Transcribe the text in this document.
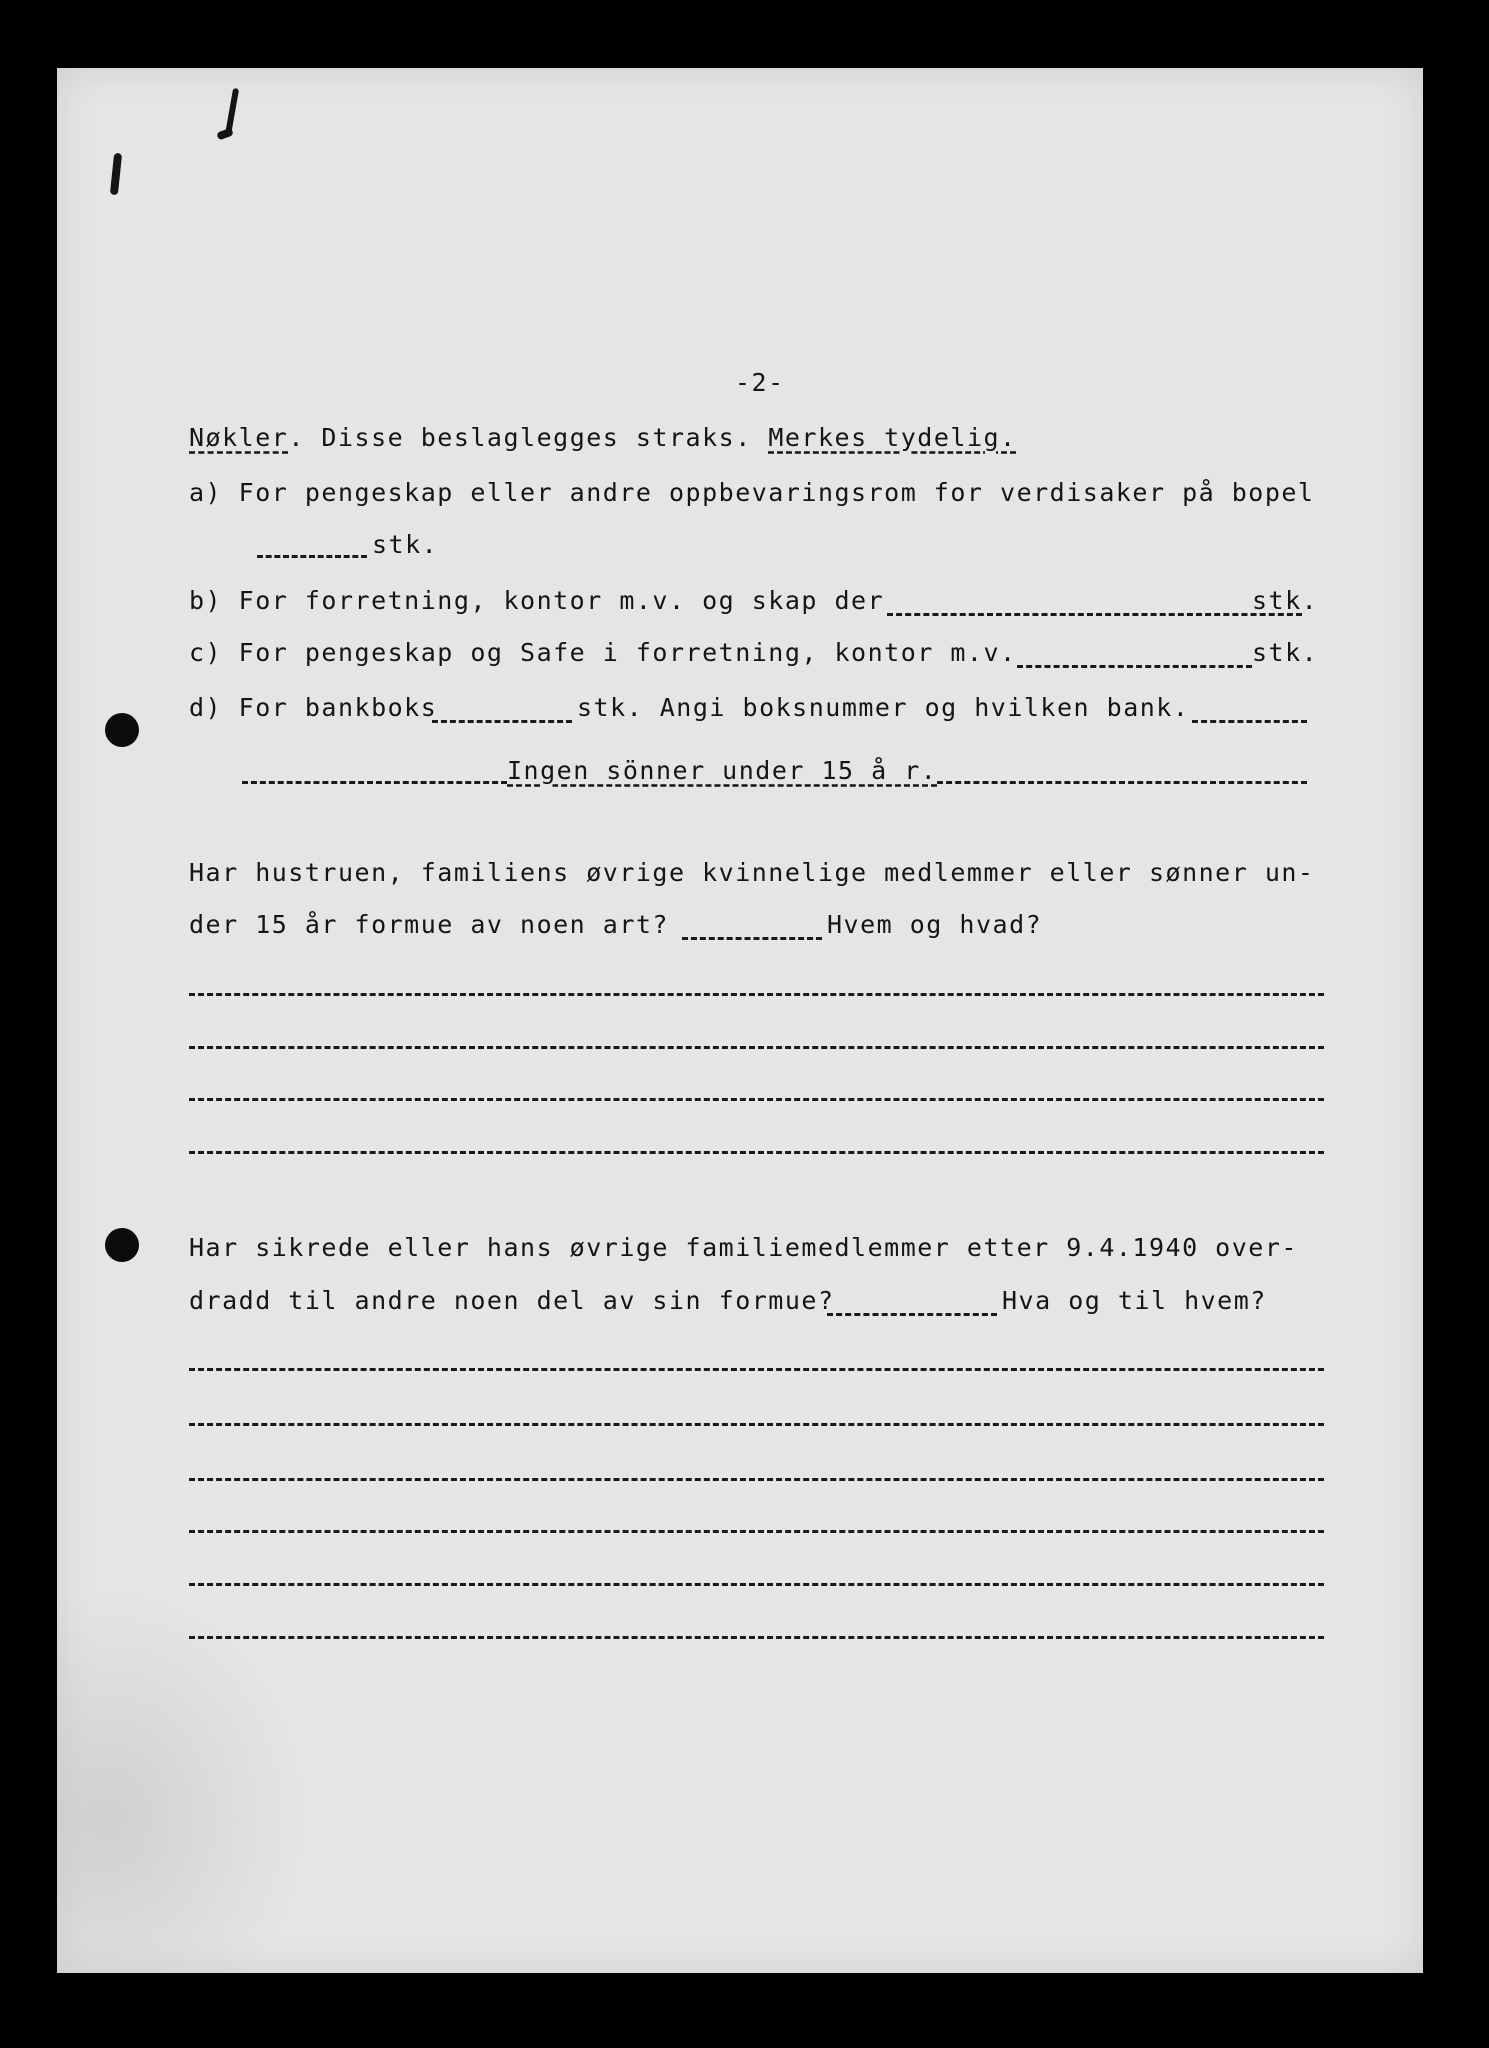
-2-
Nøkler. Disse beslaglegges straks. Merkes tydelig.
a) For pengeskap eller andre oppbevaringsrom for verdisaker på bopel
stk.
b) For forretning, kontor m.v. og skap der	stk.
c) For pengeskap og Safe i forretning, kontor m.v.	stk.
d) For bankboks	stk. Angi boksnummer og hvilken bank.
Ingen sönner under 15 å r.
Har hustruen, familiens øvrige kvinnelige medlemmer eller sønner un-
der 15 år formue av noen art?	Hvem og hvad?
Har sikrede eller hans øvrige familiemedlemmer etter 9.4.1940 over-
dradd til andre noen del av sin formue?	Hva og til hvem?
